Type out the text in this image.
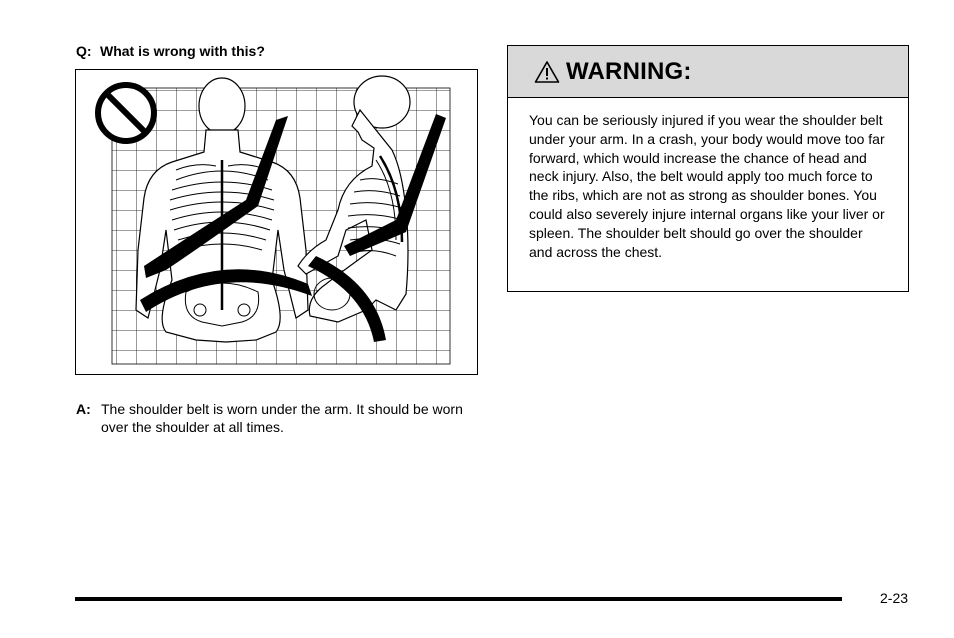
Q: What is wrong with this?
A: The shoulder belt is worn under the arm. It should be worn over the shoulder at all times.
WARNING:
You can be seriously injured if you wear the shoulder belt under your arm. In a crash, your body would move too far forward, which would increase the chance of head and neck injury. Also, the belt would apply too much force to the ribs, which are not as strong as shoulder bones. You could also severely injure internal organs like your liver or spleen. The shoulder belt should go over the shoulder and across the chest.
2-23
